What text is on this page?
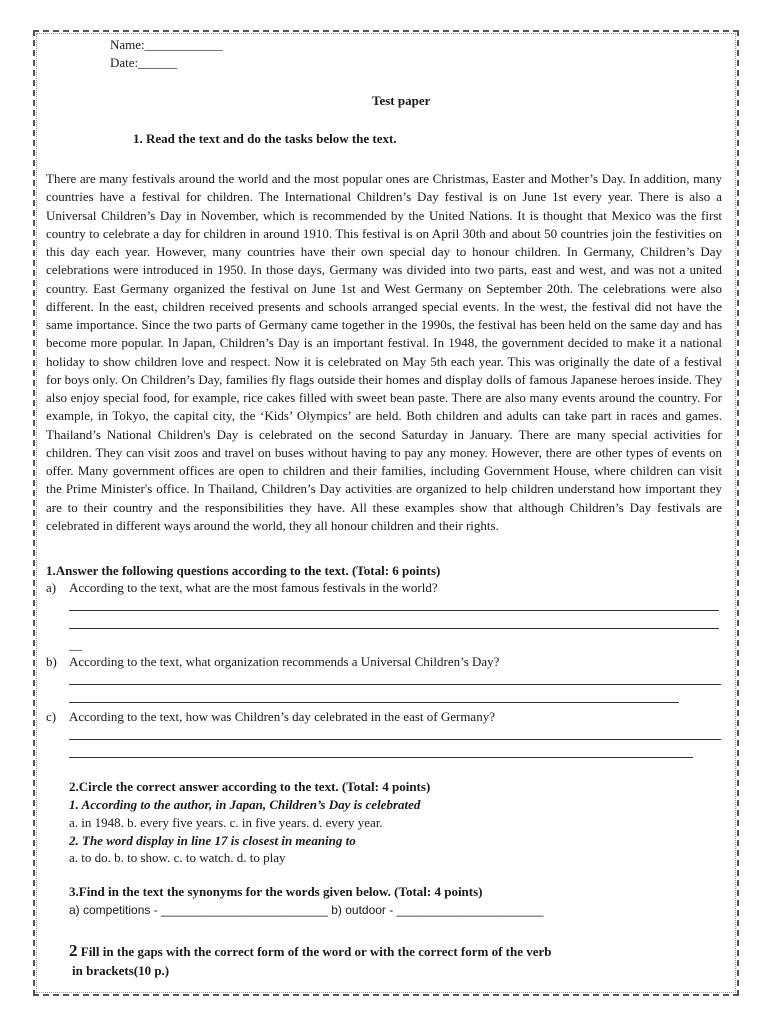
Name:____________
Date:______
Test paper
1. Read the text and do the tasks below the text.
There are many festivals around the world and the most popular ones are Christmas, Easter and Mother’s Day. In addition, many countries have a festival for children. The International Children’s Day festival is on June 1st every year. There is also a Universal Children’s Day in November, which is recommended by the United Nations. It is thought that Mexico was the first country to celebrate a day for children in around 1910. This festival is on April 30th and about 50 countries join the festivities on this day each year. However, many countries have their own special day to honour children. In Germany, Children’s Day celebrations were introduced in 1950. In those days, Germany was divided into two parts, east and west, and was not a united country. East Germany organized the festival on June 1st and West Germany on September 20th. The celebrations were also different. In the east, children received presents and schools arranged special events. In the west, the festival did not have the same importance. Since the two parts of Germany came together in the 1990s, the festival has been held on the same day and has become more popular. In Japan, Children’s Day is an important festival. In 1948, the government decided to make it a national holiday to show children love and respect. Now it is celebrated on May 5th each year. This was originally the date of a festival for boys only. On Children’s Day, families fly flags outside their homes and display dolls of famous Japanese heroes inside. They also enjoy special food, for example, rice cakes filled with sweet bean paste. There are also many events around the country. For example, in Tokyo, the capital city, the ‘Kids’ Olympics’ are held. Both children and adults can take part in races and games. Thailand’s National Children's Day is celebrated on the second Saturday in January. There are many special activities for children. They can visit zoos and travel on buses without having to pay any money. However, there are other types of events on offer. Many government offices are open to children and their families, including Government House, where children can visit the Prime Minister's office. In Thailand, Children’s Day activities are organized to help children understand how important they are to their country and the responsibilities they have. All these examples show that although Children’s Day festivals are celebrated in different ways around the world, they all honour children and their rights.
1.Answer the following questions according to the text. (Total: 6 points)
a) According to the text, what are the most famous festivals in the world?
__
b) According to the text, what organization recommends a Universal Children’s Day?
c) According to the text, how was Children’s day celebrated in the east of Germany?
2.Circle the correct answer according to the text. (Total: 4 points)
1. According to the author, in Japan, Children’s Day is celebrated
a. in 1948. b. every five years. c. in five years. d. every year.
2. The word display in line 17 is closest in meaning to
a. to do. b. to show. c. to watch. d. to play
3.Find in the text the synonyms for the words given below. (Total: 4 points)
a) competitions - _________________________ b) outdoor - ______________________
2 Fill in the gaps with the correct form of the word or with the correct form of the verb
in brackets(10 p.)
